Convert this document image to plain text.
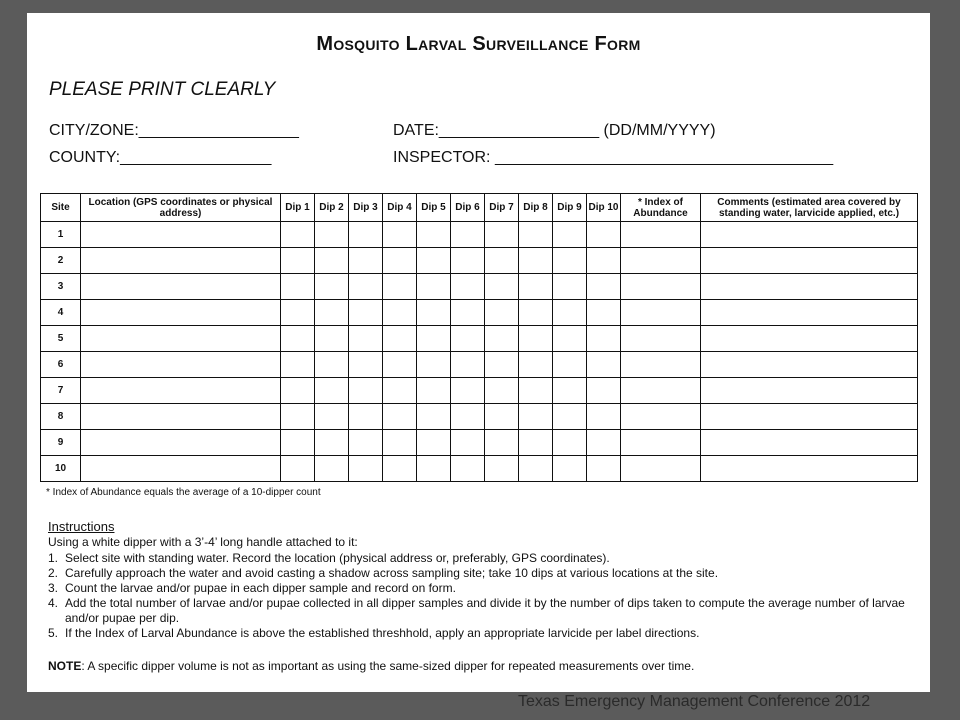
Mosquito Larval Surveillance Form
PLEASE PRINT CLEARLY
CITY/ZONE:__________________	DATE:__________________ (DD/MM/YYYY)
COUNTY:_________________	INSPECTOR: ______________________________________
Site	Location (GPS coordinates or physical address)	Dip 1	Dip 2	Dip 3	Dip 4	Dip 5	Dip 6	Dip 7	Dip 8	Dip 9	Dip 10	* Index of Abundance	Comments (estimated area covered by standing water, larvicide applied, etc.)
1													
2													
3													
4													
5													
6													
7													
8													
9													
10													
* Index of Abundance equals the average of a 10-dipper count
Instructions
Using a white dipper with a 3’-4’ long handle attached to it:
1. Select site with standing water. Record the location (physical address or, preferably, GPS coordinates).
2. Carefully approach the water and avoid casting a shadow across sampling site; take 10 dips at various locations at the site.
3. Count the larvae and/or pupae in each dipper sample and record on form.
4. Add the total number of larvae and/or pupae collected in all dipper samples and divide it by the number of dips taken to compute the average number of larvae and/or pupae per dip.
5. If the Index of Larval Abundance is above the established threshhold, apply an appropriate larvicide per label directions.
NOTE: A specific dipper volume is not as important as using the same-sized dipper for repeated measurements over time.
Texas Emergency Management Conference 2012
